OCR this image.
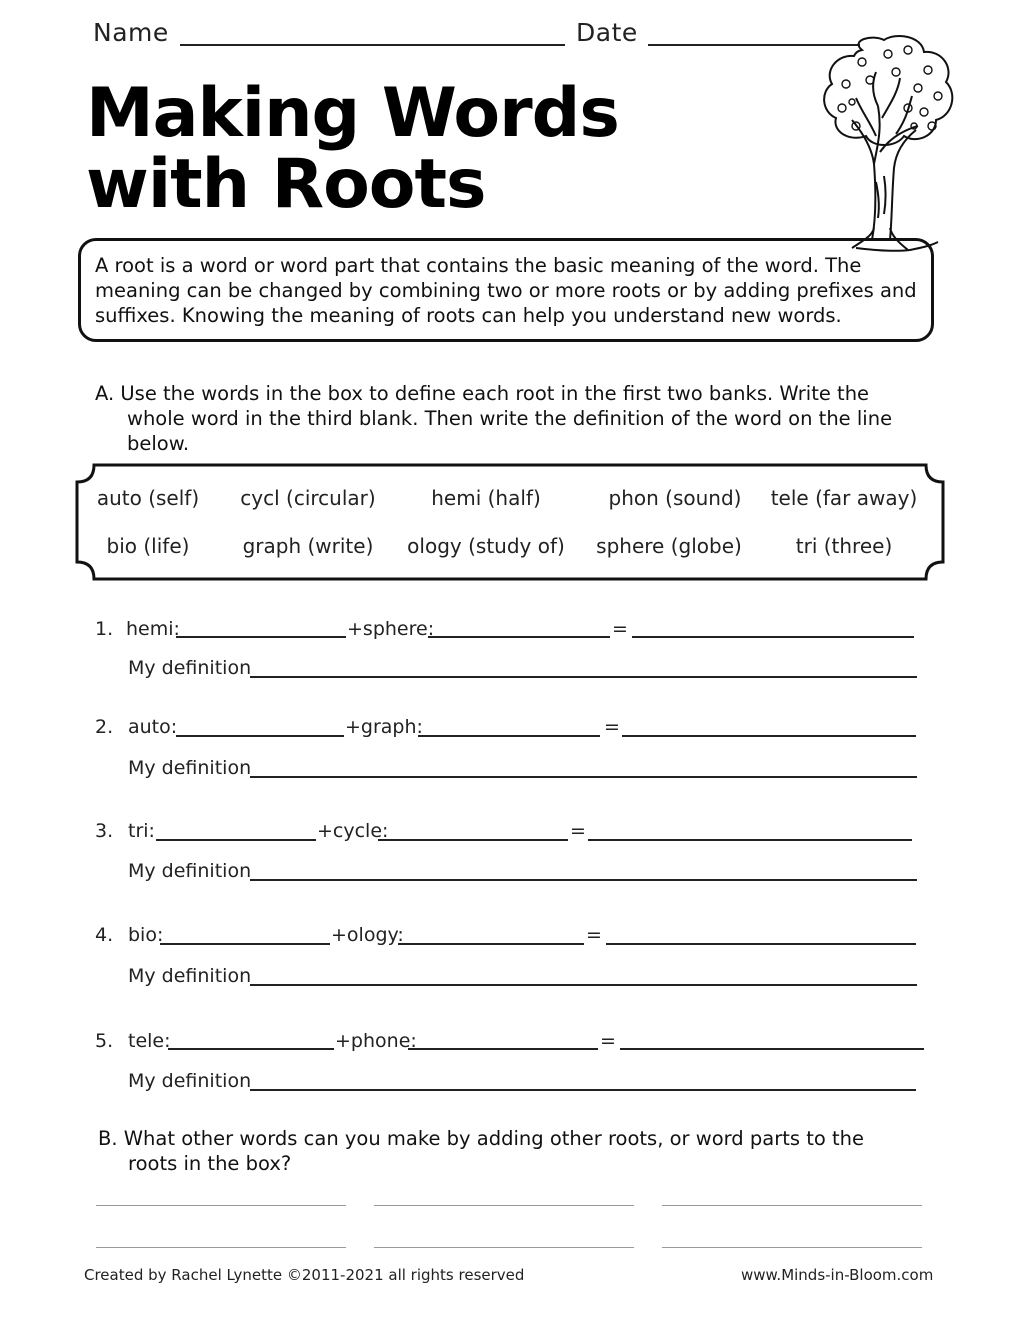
Name	Date
Making Words
with Roots
A root is a word or word part that contains the basic meaning of the word. The meaning can be changed by combining two or more roots or by adding prefixes and suffixes. Knowing the meaning of roots can help you understand new words.
A. Use the words in the box to define each root in the first two banks. Write the
whole word in the third blank. Then write the definition of the word on the line below.
auto (self)	cycl (circular)	hemi (half)	phon (sound) tele (far away)
bio (life)	graph (write)	ology (study of)	sphere (globe)	tri (three)
1. hemi:	+sphere:	=
My definition
2. auto:	+graph:	=
My definition
3. tri:	+cycle:	=
My definition
4. bio:	+ology:	=
My definition
5. tele:	+phone:	=
My definition
B. What other words can you make by adding other roots, or word parts to the
roots in the box?
Created by Rachel Lynette ©2011-2021 all rights reserved	www.Minds-in-Bloom.com
